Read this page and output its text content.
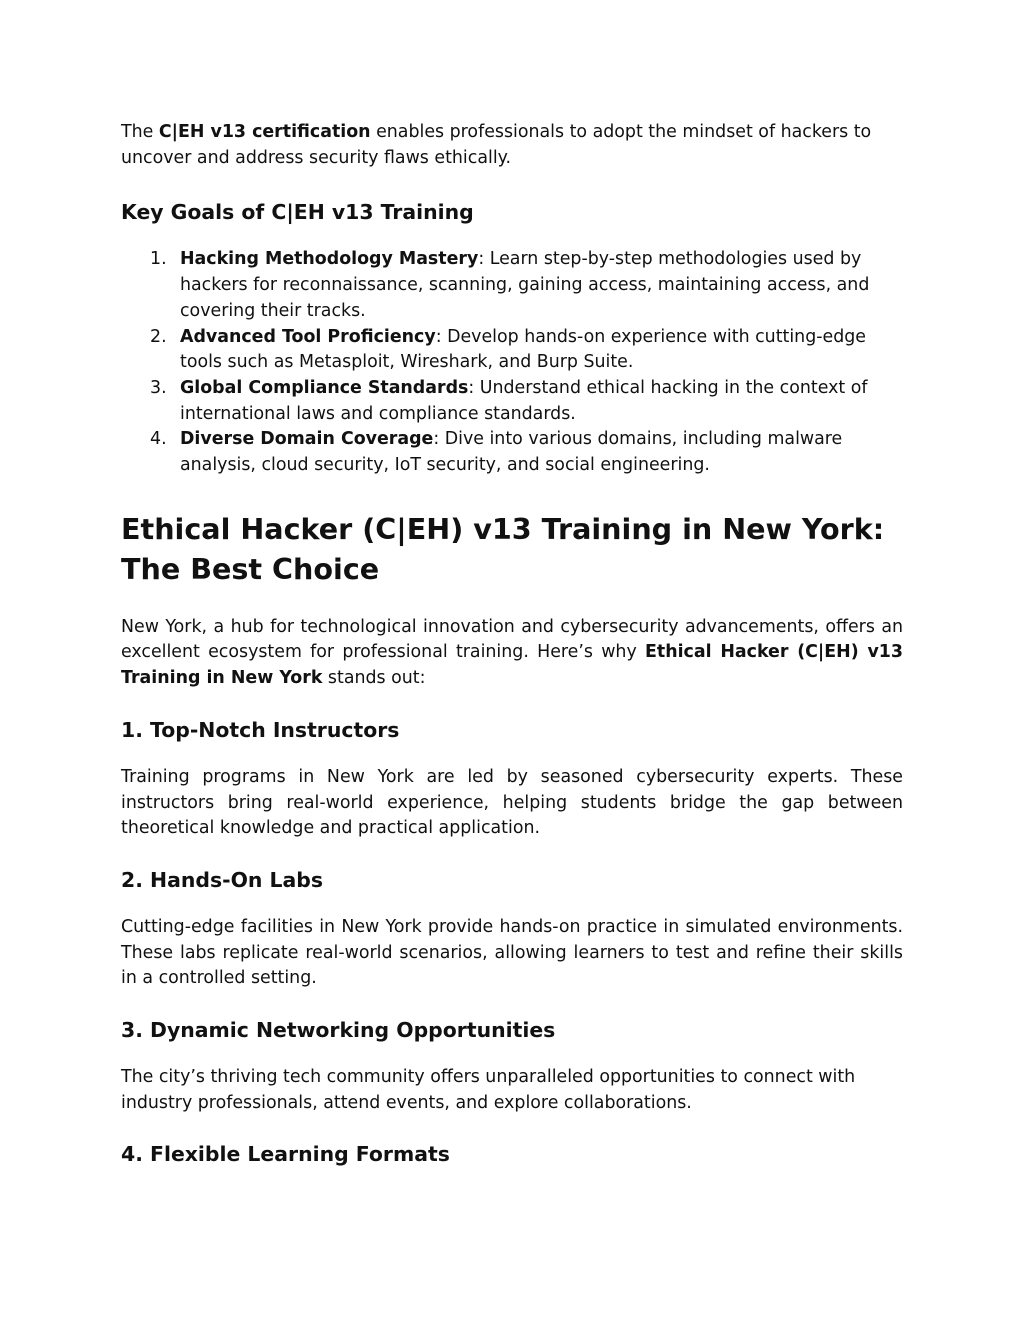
The C|EH v13 certification enables professionals to adopt the mindset of hackers to uncover and address security flaws ethically.

Key Goals of C|EH v13 Training
1. Hacking Methodology Mastery: Learn step-by-step methodologies used by hackers for reconnaissance, scanning, gaining access, maintaining access, and covering their tracks.
2. Advanced Tool Proficiency: Develop hands-on experience with cutting-edge tools such as Metasploit, Wireshark, and Burp Suite.
3. Global Compliance Standards: Understand ethical hacking in the context of international laws and compliance standards.
4. Diverse Domain Coverage: Dive into various domains, including malware analysis, cloud security, IoT security, and social engineering.
Ethical Hacker (C|EH) v13 Training in New York: The Best Choice

New York, a hub for technological innovation and cybersecurity advancements, offers an excellent ecosystem for professional training. Here’s why Ethical Hacker (C|EH) v13 Training in New York stands out:

1. Top-Notch Instructors

Training programs in New York are led by seasoned cybersecurity experts. These instructors bring real-world experience, helping students bridge the gap between theoretical knowledge and practical application.

2. Hands-On Labs

Cutting-edge facilities in New York provide hands-on practice in simulated environments. These labs replicate real-world scenarios, allowing learners to test and refine their skills in a controlled setting.

3. Dynamic Networking Opportunities

The city’s thriving tech community offers unparalleled opportunities to connect with industry professionals, attend events, and explore collaborations.

4. Flexible Learning Formats
